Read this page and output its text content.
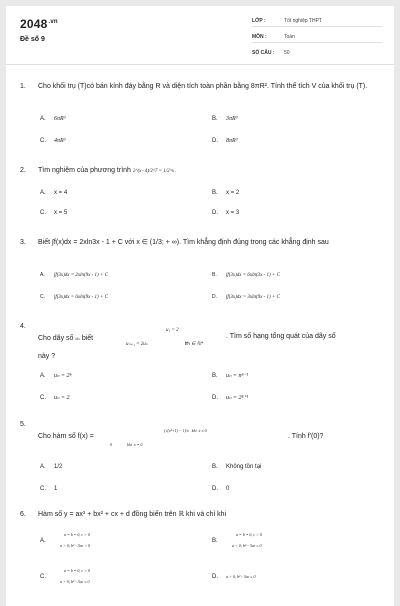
$2048^{.vn}$
Đề số 9
LỚP :	Tốt nghiệp THPT
MÔN :	Toán
SỐ CÂU : 50
1. Cho khối trụ (T)có bán kính đáy bằng R và diện tích toàn phần bằng 8πR². Tính thể tích V của khối trụ (T).
A. 6πR³	B. 3πR³
C. 4πR³	D. 8πR³
2. Tìm nghiệm của phương trình 2^(x−4)/2^7 = 1/2^x .
A. x = 4	B. x = 2
C. x = 5	D. x = 3
3. Biết ∫f(x)dx = 2xln3x - 1 + C với x ∈ (1/3; + ∞). Tìm khẳng định đúng trong các khẳng định sau
A. ∫f(3x)dx = 2xln(9x - 1) + C	B. ∫f(3x)dx = 6xln(3x - 1) + C
C. ∫f(3x)dx = 6xln(9x - 1) + C	D. ∫f(3x)dx = 3xln(9x - 1) + C
4.
Cho dãy số uₙ biết
u₁ = 2
uₙ₊₁ = 2uₙ	∀n ∈ ℕ*
. Tìm số hạng tổng quát của dãy số
này ?
A. uₙ = 2ⁿ	B. uₙ = nⁿ⁻¹
C. uₙ = 2	D. uₙ = 2ⁿ⁺¹
5.
Cho hàm số f(x) =
(√(x²+1) − 1)/x   khi  x ≠ 0
0               khi  x = 0
. Tính f'(0)?
A. 1/2	B. Không tồn tại
C. 1	D. 0
6. Hàm số y = ax³ + bx² + cx + d đồng biến trên ℝ khi và chỉ khi
A.
a = b = 0, c > 0
a > 0; b² - 3ac > 0
B.
a = b = 0, c > 0
a < 0; b² - 3ac ≤ 0
C.
a = b = 0, c > 0
a > 0; b² - 3ac ≤ 0
D. a > 0; b² - 3ac ≤ 0
